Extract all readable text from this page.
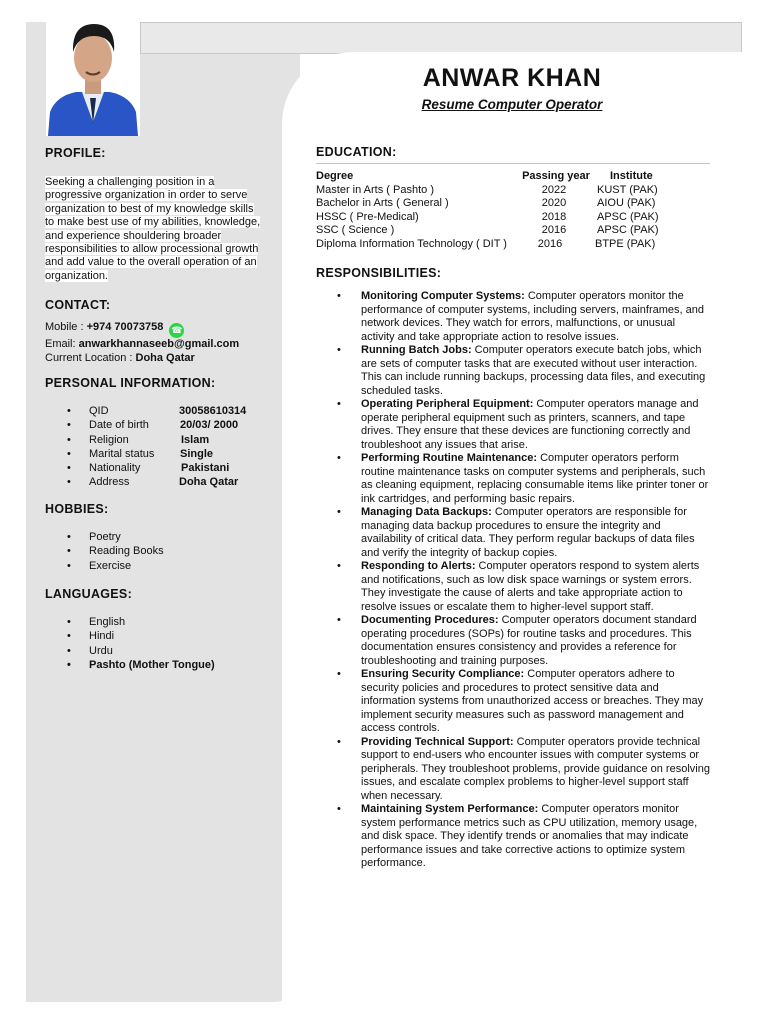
ANWAR KHAN
Resume Computer Operator
PROFILE:
Seeking a challenging position in a progressive organization in order to serve organization to best of my knowledge skills to make best use of my abilities, knowledge, and experience shouldering broader responsibilities to allow processional growth and add value to the overall operation of an organization.
CONTACT:
Mobile : +974 70073758 ☎
Email: anwarkhannaseeb@gmail.com
Current Location : Doha Qatar
PERSONAL INFORMATION:
• QID	30058610314
• Date of birth	20/03/ 2000
• Religion	Islam
• Marital status Single
• Nationality	Pakistani
• Address	Doha Qatar
HOBBIES:
• Poetry
• Reading Books
• Exercise
LANGUAGES:
• English
• Hindi
• Urdu
• Pashto (Mother Tongue)
EDUCATION:
Degree	Passing year	Institute
Master in Arts ( Pashto )	2022	KUST (PAK)
Bachelor in Arts ( General )	2020	AIOU (PAK)
HSSC ( Pre-Medical)	2018	APSC (PAK)
SSC ( Science )	2016	APSC (PAK)
Diploma Information Technology ( DIT )	2016	BTPE (PAK)
RESPONSIBILITIES:
• Monitoring Computer Systems: Computer operators monitor the performance of computer systems, including servers, mainframes, and network devices. They watch for errors, malfunctions, or unusual activity and take appropriate action to resolve issues.
• Running Batch Jobs: Computer operators execute batch jobs, which are sets of computer tasks that are executed without user interaction. This can include running backups, processing data files, and executing scheduled tasks.
• Operating Peripheral Equipment: Computer operators manage and operate peripheral equipment such as printers, scanners, and tape drives. They ensure that these devices are functioning correctly and troubleshoot any issues that arise.
• Performing Routine Maintenance: Computer operators perform routine maintenance tasks on computer systems and peripherals, such as cleaning equipment, replacing consumable items like printer toner or ink cartridges, and performing basic repairs.
• Managing Data Backups: Computer operators are responsible for managing data backup procedures to ensure the integrity and availability of critical data. They perform regular backups of data files and verify the integrity of backup copies.
• Responding to Alerts: Computer operators respond to system alerts and notifications, such as low disk space warnings or system errors. They investigate the cause of alerts and take appropriate action to resolve issues or escalate them to higher-level support staff.
• Documenting Procedures: Computer operators document standard operating procedures (SOPs) for routine tasks and procedures. This documentation ensures consistency and provides a reference for troubleshooting and training purposes.
• Ensuring Security Compliance: Computer operators adhere to security policies and procedures to protect sensitive data and information systems from unauthorized access or breaches. They may implement security measures such as password management and access controls.
• Providing Technical Support: Computer operators provide technical support to end-users who encounter issues with computer systems or peripherals. They troubleshoot problems, provide guidance on resolving issues, and escalate complex problems to higher-level support staff when necessary.
• Maintaining System Performance: Computer operators monitor system performance metrics such as CPU utilization, memory usage, and disk space. They identify trends or anomalies that may indicate performance issues and take corrective actions to optimize system performance.
